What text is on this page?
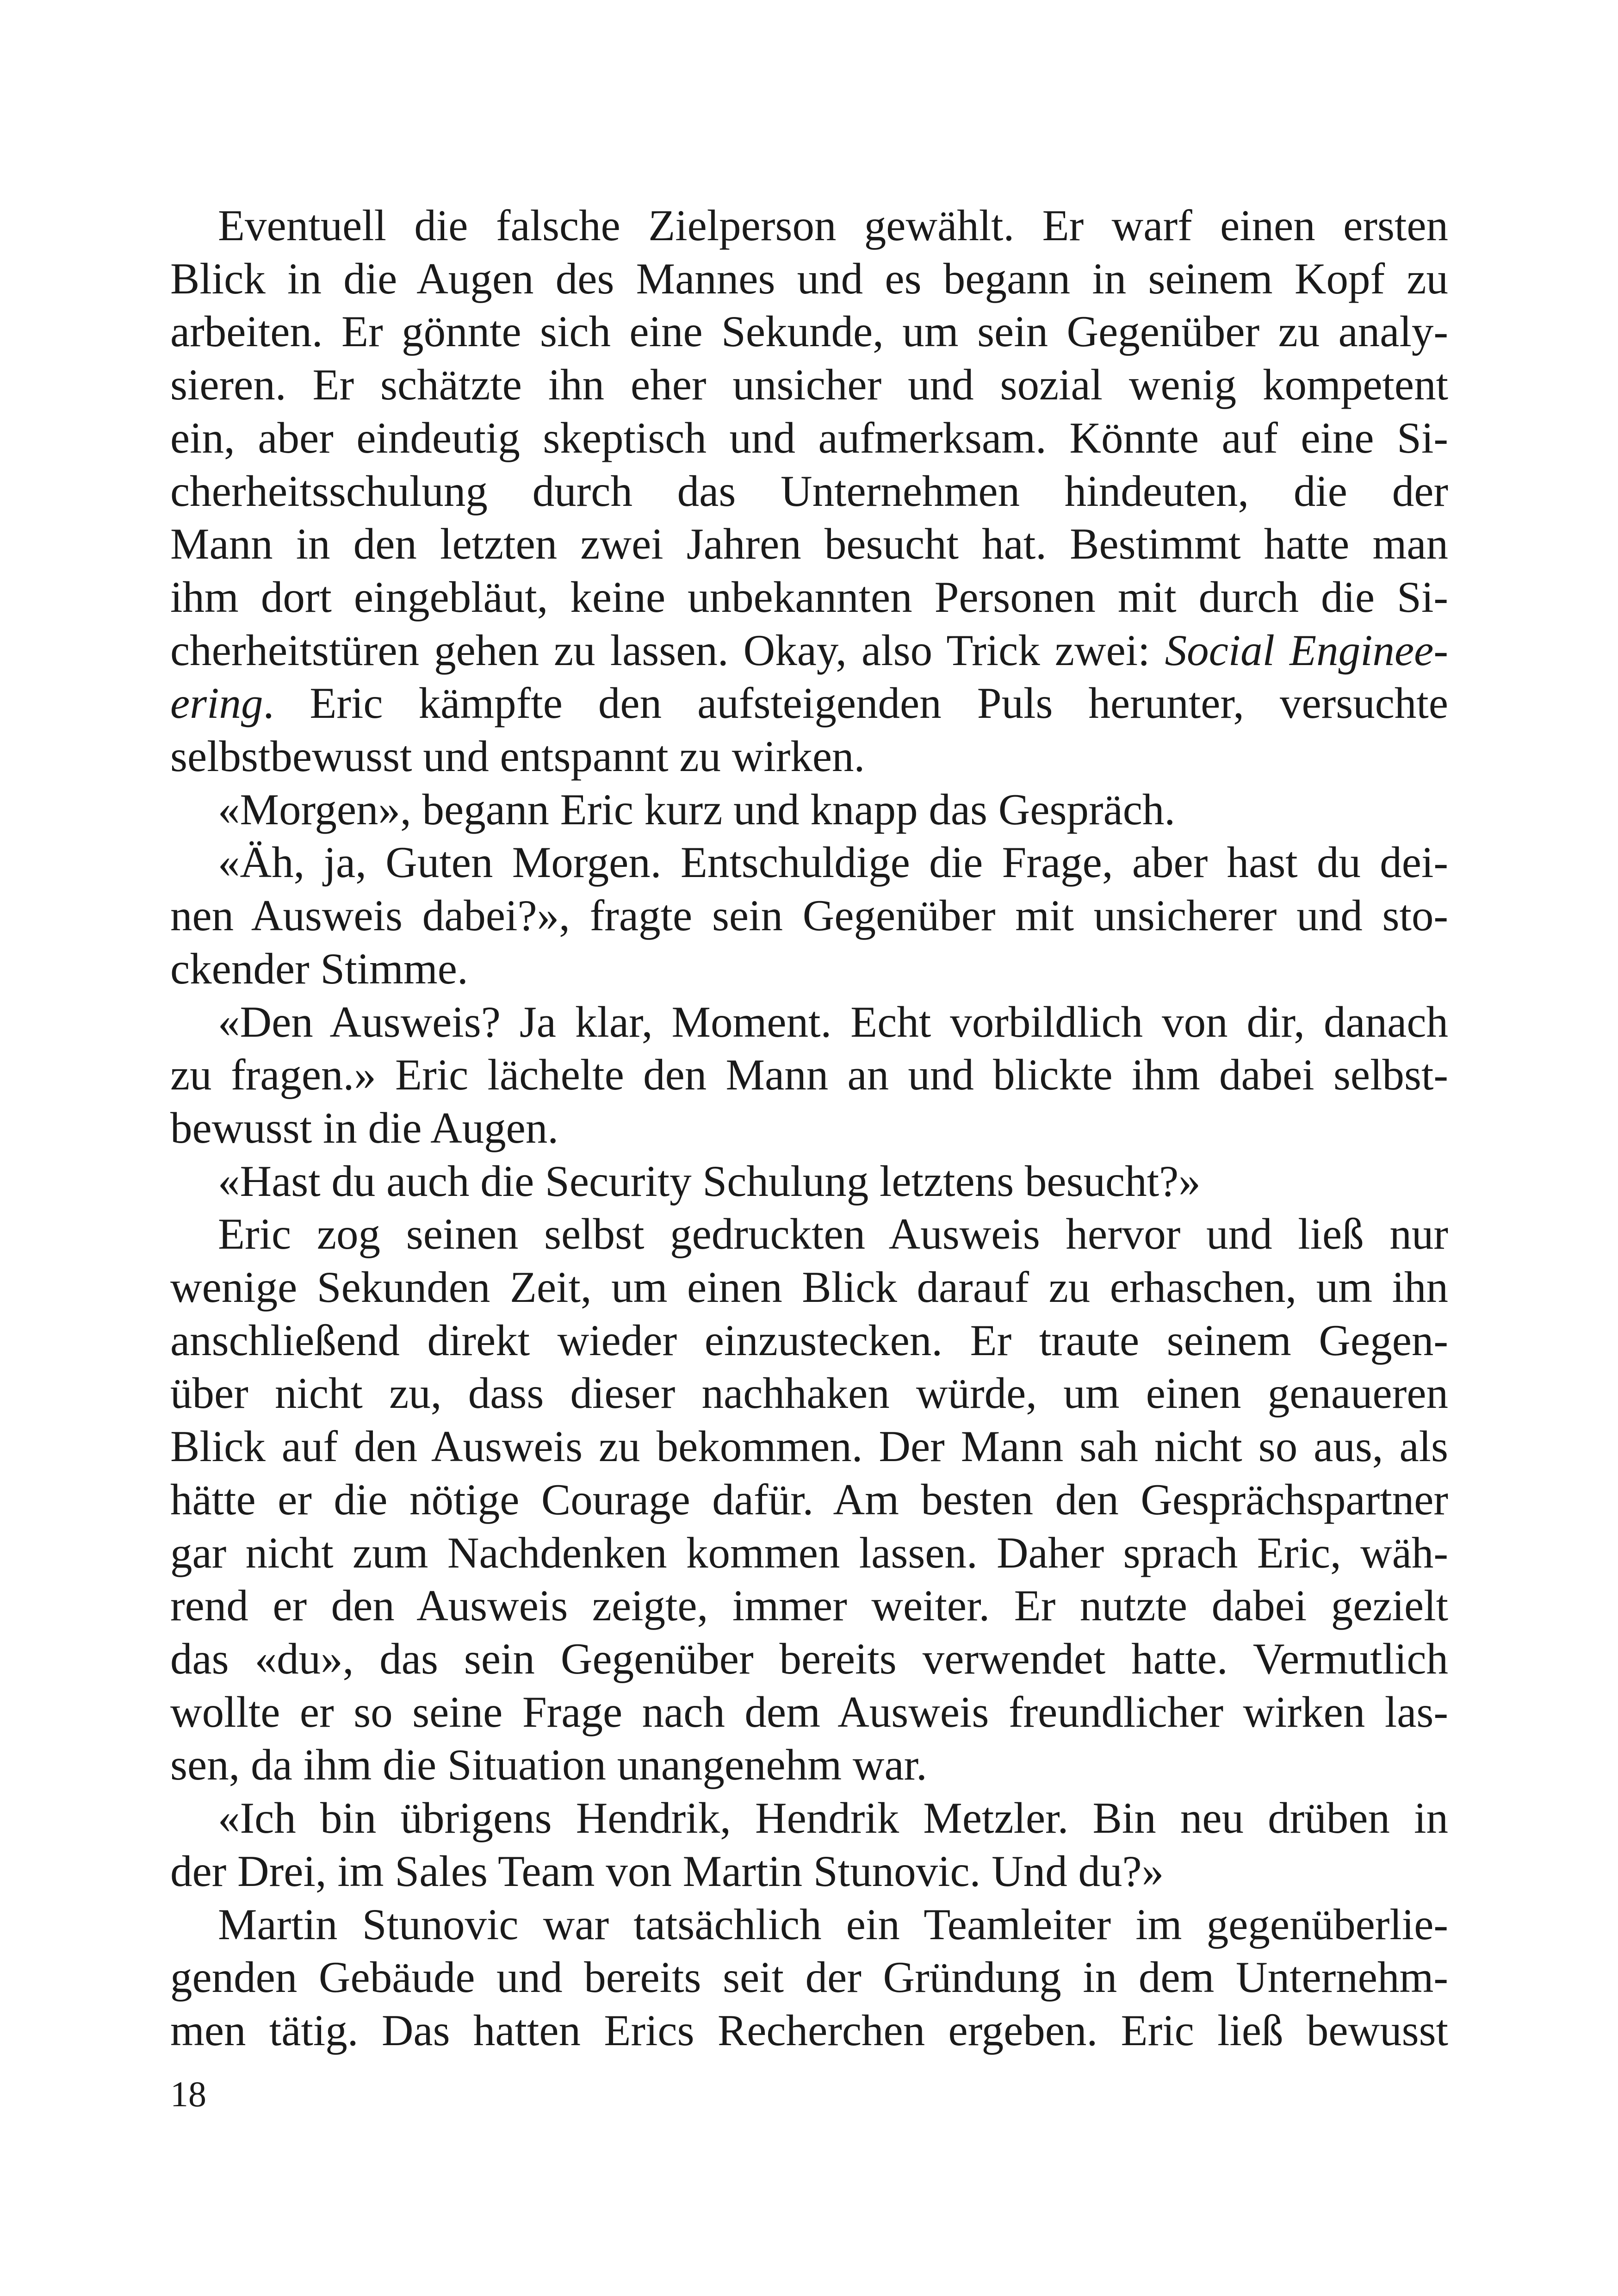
Eventuell die falsche Zielperson gewählt. Er warf einen ersten
Blick in die Augen des Mannes und es begann in seinem Kopf zu
arbeiten. Er gönnte sich eine Sekunde, um sein Gegenüber zu analy-
sieren. Er schätzte ihn eher unsicher und sozial wenig kompetent
ein, aber eindeutig skeptisch und aufmerksam. Könnte auf eine Si-
cherheitsschulung durch das Unternehmen hindeuten, die der
Mann in den letzten zwei Jahren besucht hat. Bestimmt hatte man
ihm dort eingebläut, keine unbekannten Personen mit durch die Si-
cherheitstüren gehen zu lassen. Okay, also Trick zwei: Social Enginee-
ering. Eric kämpfte den aufsteigenden Puls herunter, versuchte
selbstbewusst und entspannt zu wirken.

«Morgen», begann Eric kurz und knapp das Gespräch.

«Äh, ja, Guten Morgen. Entschuldige die Frage, aber hast du dei-
nen Ausweis dabei?», fragte sein Gegenüber mit unsicherer und sto-
ckender Stimme.

«Den Ausweis? Ja klar, Moment. Echt vorbildlich von dir, danach
zu fragen.» Eric lächelte den Mann an und blickte ihm dabei selbst-
bewusst in die Augen.

«Hast du auch die Security Schulung letztens besucht?»

Eric zog seinen selbst gedruckten Ausweis hervor und ließ nur
wenige Sekunden Zeit, um einen Blick darauf zu erhaschen, um ihn
anschließend direkt wieder einzustecken. Er traute seinem Gegen-
über nicht zu, dass dieser nachhaken würde, um einen genaueren
Blick auf den Ausweis zu bekommen. Der Mann sah nicht so aus, als
hätte er die nötige Courage dafür. Am besten den Gesprächspartner
gar nicht zum Nachdenken kommen lassen. Daher sprach Eric, wäh-
rend er den Ausweis zeigte, immer weiter. Er nutzte dabei gezielt
das «du», das sein Gegenüber bereits verwendet hatte. Vermutlich
wollte er so seine Frage nach dem Ausweis freundlicher wirken las-
sen, da ihm die Situation unangenehm war.

«Ich bin übrigens Hendrik, Hendrik Metzler. Bin neu drüben in
der Drei, im Sales Team von Martin Stunovic. Und du?»

Martin Stunovic war tatsächlich ein Teamleiter im gegenüberlie-
genden Gebäude und bereits seit der Gründung in dem Unternehm-
men tätig. Das hatten Erics Recherchen ergeben. Eric ließ bewusst

18
